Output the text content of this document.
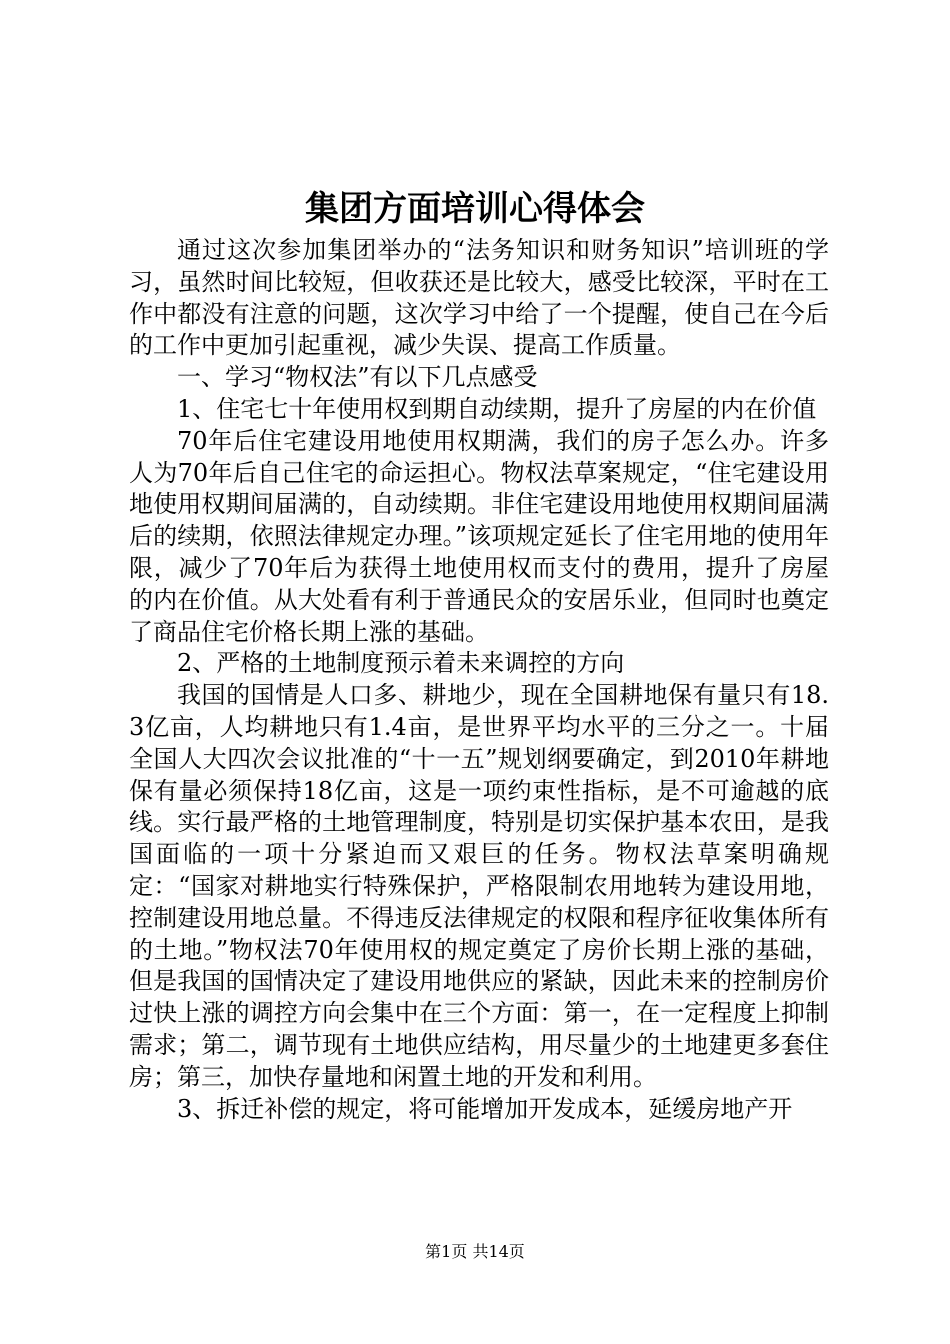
集团方面培训心得体会

通过这次参加集团举办的“法务知识和财务知识”培训班的学习，虽然时间比较短，但收获还是比较大，感受比较深，平时在工作中都没有注意的问题，这次学习中给了一个提醒，使自己在今后的工作中更加引起重视，减少失误、提高工作质量。

一、学习“物权法”有以下几点感受

1、住宅七十年使用权到期自动续期，提升了房屋的内在价值

70年后住宅建设用地使用权期满，我们的房子怎么办。许多人为70年后自己住宅的命运担心。物权法草案规定，“住宅建设用地使用权期间届满的，自动续期。非住宅建设用地使用权期间届满后的续期，依照法律规定办理。”该项规定延长了住宅用地的使用年限，减少了70年后为获得土地使用权而支付的费用，提升了房屋的内在价值。从大处看有利于普通民众的安居乐业，但同时也奠定了商品住宅价格长期上涨的基础。

2、严格的土地制度预示着未来调控的方向

我国的国情是人口多、耕地少，现在全国耕地保有量只有18.3亿亩，人均耕地只有1.4亩，是世界平均水平的三分之一。十届全国人大四次会议批准的“十一五”规划纲要确定，到2010年耕地保有量必须保持18亿亩，这是一项约束性指标，是不可逾越的底线。实行最严格的土地管理制度，特别是切实保护基本农田，是我国面临的一项十分紧迫而又艰巨的任务。物权法草案明确规定：“国家对耕地实行特殊保护，严格限制农用地转为建设用地，控制建设用地总量。不得违反法律规定的权限和程序征收集体所有的土地。”物权法70年使用权的规定奠定了房价长期上涨的基础，但是我国的国情决定了建设用地供应的紧缺，因此未来的控制房价过快上涨的调控方向会集中在三个方面：第一，在一定程度上抑制需求；第二，调节现有土地供应结构，用尽量少的土地建更多套住房；第三，加快存量地和闲置土地的开发和利用。

3、拆迁补偿的规定，将可能增加开发成本，延缓房地产开

第1页 共14页
